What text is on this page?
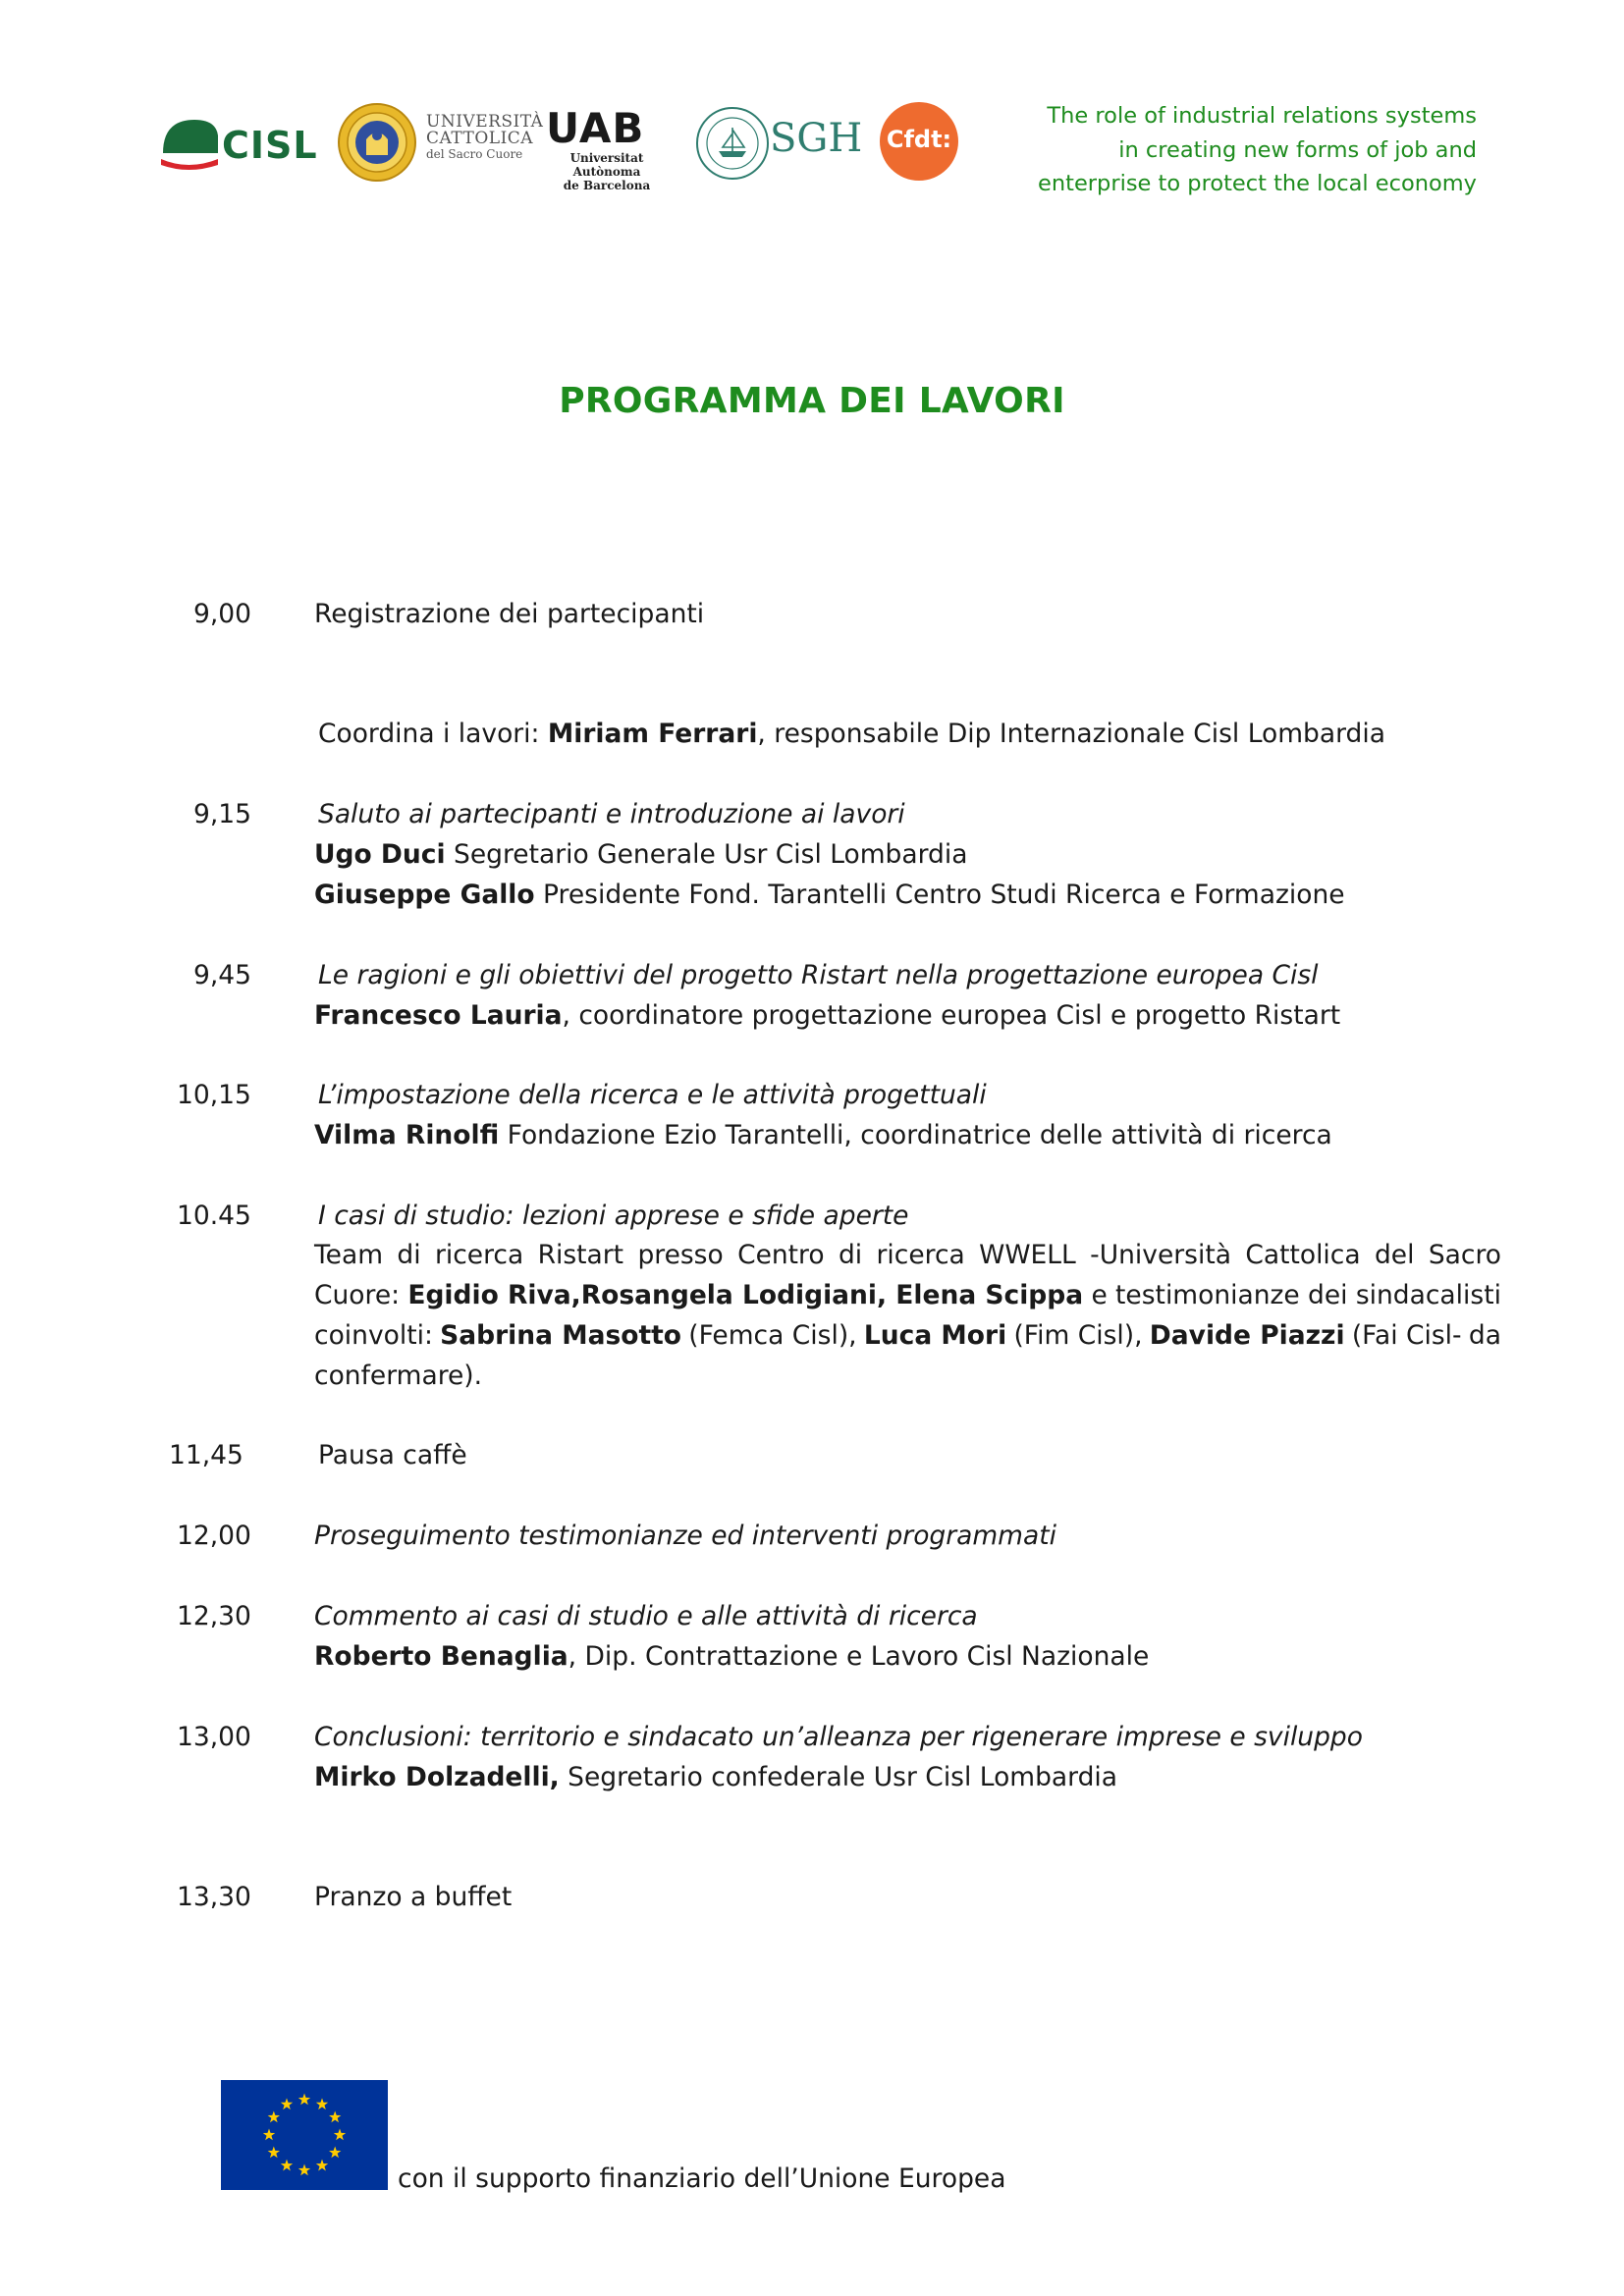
CISL
UNIVERSITÀ
CATTOLICA
del Sacro Cuore
UAB
Universitat Autònoma
de Barcelona
SGH Cfdt:
The role of industrial relations systems
in creating new forms of job and
enterprise to protect the local economy
PROGRAMMA DEI LAVORI
9,00 Registrazione dei partecipanti
Coordina i lavori: Miriam Ferrari, responsabile Dip Internazionale Cisl Lombardia
9,15	Saluto ai partecipanti e introduzione ai lavori
Ugo Duci Segretario Generale Usr Cisl Lombardia
Giuseppe Gallo Presidente Fond. Tarantelli Centro Studi Ricerca e Formazione
9,45	Le ragioni e gli obiettivi del progetto Ristart nella progettazione europea Cisl
Francesco Lauria, coordinatore progettazione europea Cisl e progetto Ristart
10,15	L’impostazione della ricerca e le attività progettuali
Vilma Rinolfi Fondazione Ezio Tarantelli, coordinatrice delle attività di ricerca
10.45	I casi di studio: lezioni apprese e sfide aperte
Team di ricerca Ristart presso Centro di ricerca WWELL -Università Cattolica del Sacro
Cuore: Egidio Riva,Rosangela Lodigiani, Elena Scippa e testimonianze dei sindacalisti
coinvolti: Sabrina Masotto (Femca Cisl), Luca Mori (Fim Cisl), Davide Piazzi (Fai Cisl- da
confermare).
11,45	Pausa caffè
12,00 Proseguimento testimonianze ed interventi programmati
12,30 Commento ai casi di studio e alle attività di ricerca
Roberto Benaglia, Dip. Contrattazione e Lavoro Cisl Nazionale
13,00 Conclusioni: territorio e sindacato un’alleanza per rigenerare imprese e sviluppo
Mirko Dolzadelli, Segretario confederale Usr Cisl Lombardia
13,30 Pranzo a buffet
con il supporto finanziario dell’Unione Europea
